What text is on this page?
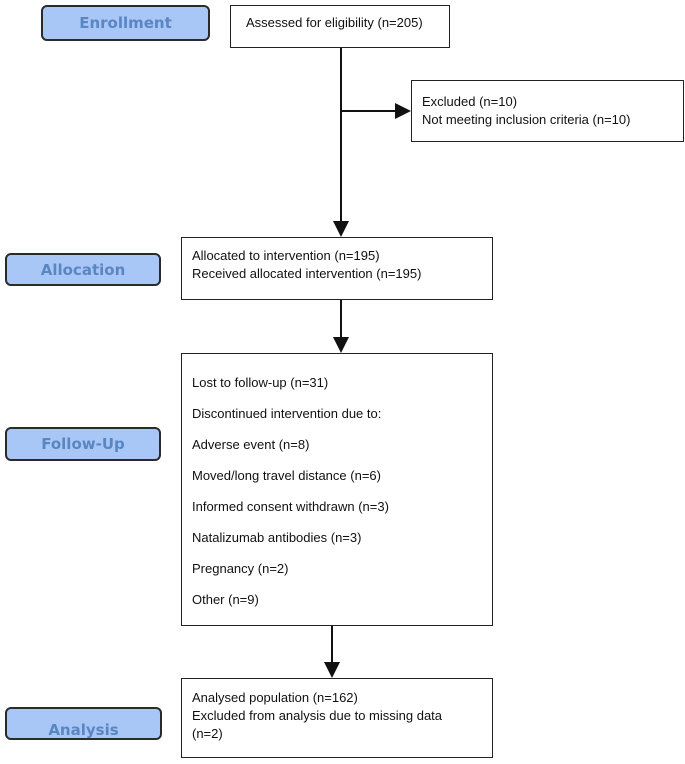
Enrollment
Allocation
Follow-Up
Analysis
Assessed for eligibility (n=205)
Excluded (n=10)
Not meeting inclusion criteria (n=10)
Allocated to intervention (n=195)
Received allocated intervention (n=195)
Lost to follow-up (n=31)
Discontinued intervention due to:
Adverse event (n=8)
Moved/long travel distance (n=6)
Informed consent withdrawn (n=3)
Natalizumab antibodies (n=3)
Pregnancy (n=2)
Other (n=9)
Analysed population (n=162)
Excluded from analysis due to missing data
(n=2)
